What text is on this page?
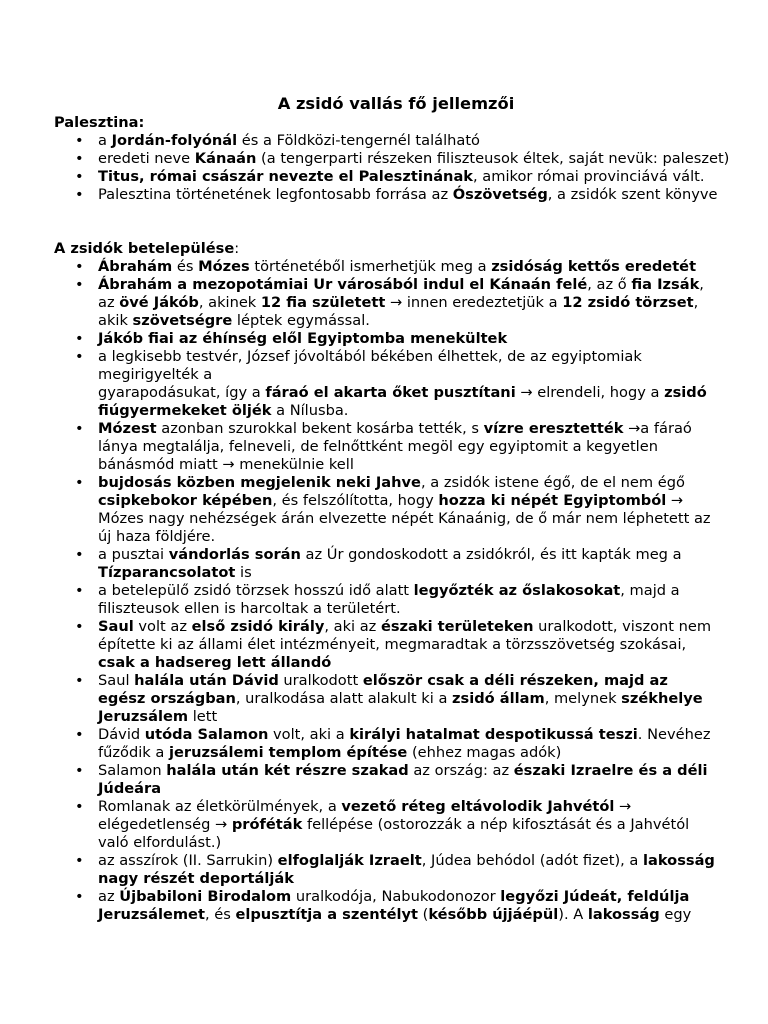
A zsidó vallás fő jellemzői
Palesztina:
• a Jordán-folyónál és a Földközi-tengernél található
• eredeti neve Kánaán (a tengerparti részeken filiszteusok éltek, saját nevük: paleszet)
• Titus, római császár nevezte el Palesztinának, amikor római provinciává vált.
• Palesztina történetének legfontosabb forrása az Ószövetség, a zsidók szent könyve
A zsidók betelepülése:
• Ábrahám és Mózes történetéből ismerhetjük meg a zsidóság kettős eredetét
• Ábrahám a mezopotámiai Ur városából indul el Kánaán felé, az ő fia Izsák,
az övé Jákób, akinek 12 fia született → innen eredeztetjük a 12 zsidó törzset,
akik szövetségre léptek egymással.
• Jákób fiai az éhínség elől Egyiptomba menekültek
• a legkisebb testvér, József jóvoltából békében élhettek, de az egyiptomiak megirigyelték a
gyarapodásukat, így a fáraó el akarta őket pusztítani → elrendeli, hogy a zsidó
fiúgyermekeket öljék a Nílusba.
• Mózest azonban szurokkal bekent kosárba tették, s vízre eresztették →a fáraó
lánya megtalálja, felneveli, de felnőttként megöl egy egyiptomit a kegyetlen
bánásmód miatt → menekülnie kell
• bujdosás közben megjelenik neki Jahve, a zsidók istene égő, de el nem égő
csipkebokor képében, és felszólította, hogy hozza ki népét Egyiptomból →
Mózes nagy nehézségek árán elvezette népét Kánaánig, de ő már nem léphetett az
új haza földjére.
• a pusztai vándorlás során az Úr gondoskodott a zsidókról, és itt kapták meg a
Tízparancsolatot is
• a betelepülő zsidó törzsek hosszú idő alatt legyőzték az őslakosokat, majd a
filiszteusok ellen is harcoltak a területért.
• Saul volt az első zsidó király, aki az északi területeken uralkodott, viszont nem
építette ki az állami élet intézményeit, megmaradtak a törzsszövetség szokásai,
csak a hadsereg lett állandó
• Saul halála után Dávid uralkodott először csak a déli részeken, majd az
egész országban, uralkodása alatt alakult ki a zsidó állam, melynek székhelye
Jeruzsálem lett
• Dávid utóda Salamon volt, aki a királyi hatalmat despotikussá teszi. Nevéhez
fűződik a jeruzsálemi templom építése (ehhez magas adók)
• Salamon halála után két részre szakad az ország: az északi Izraelre és a déli
Júdeára
• Romlanak az életkörülmények, a vezető réteg eltávolodik Jahvétól →
elégedetlenség → próféták fellépése (ostorozzák a nép kifosztását és a Jahvétól
való elfordulást.)
• az asszírok (II. Sarrukin) elfoglalják Izraelt, Júdea behódol (adót fizet), a lakosság
nagy részét deportálják
• az Újbabiloni Birodalom uralkodója, Nabukodonozor legyőzi Júdeát, feldúlja
Jeruzsálemet, és elpusztítja a szentélyt (később újjáépül). A lakosság egy
